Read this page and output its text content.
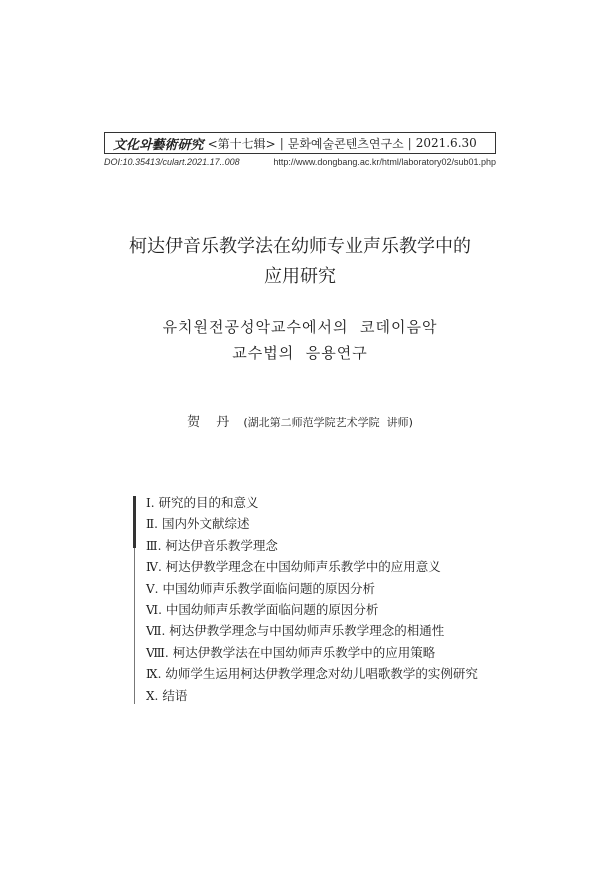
文化와藝術研究 <第十七辑> | 문화예술콘텐츠연구소 | 2021.6.30
DOI:10.35413/culart.2021.17..008	http://www.dongbang.ac.kr/html/laboratory02/sub01.php
柯达伊音乐教学法在幼师专业声乐教学中的
应用研究
유치원전공성악교수에서의  코데이음악
교수법의  응용연구
贺 丹 (湖北第二师范学院艺术学院  讲师)
Ⅰ. 研究的目的和意义
Ⅱ. 国内外文献综述
Ⅲ. 柯达伊音乐教学理念
Ⅳ. 柯达伊教学理念在中国幼师声乐教学中的应用意义
Ⅴ. 中国幼师声乐教学面临问题的原因分析
Ⅵ. 中国幼师声乐教学面临问题的原因分析
Ⅶ. 柯达伊教学理念与中国幼师声乐教学理念的相通性
Ⅷ. 柯达伊教学法在中国幼师声乐教学中的应用策略
Ⅸ. 幼师学生运用柯达伊教学理念对幼儿唱歌教学的实例研究
Ⅹ. 结语
